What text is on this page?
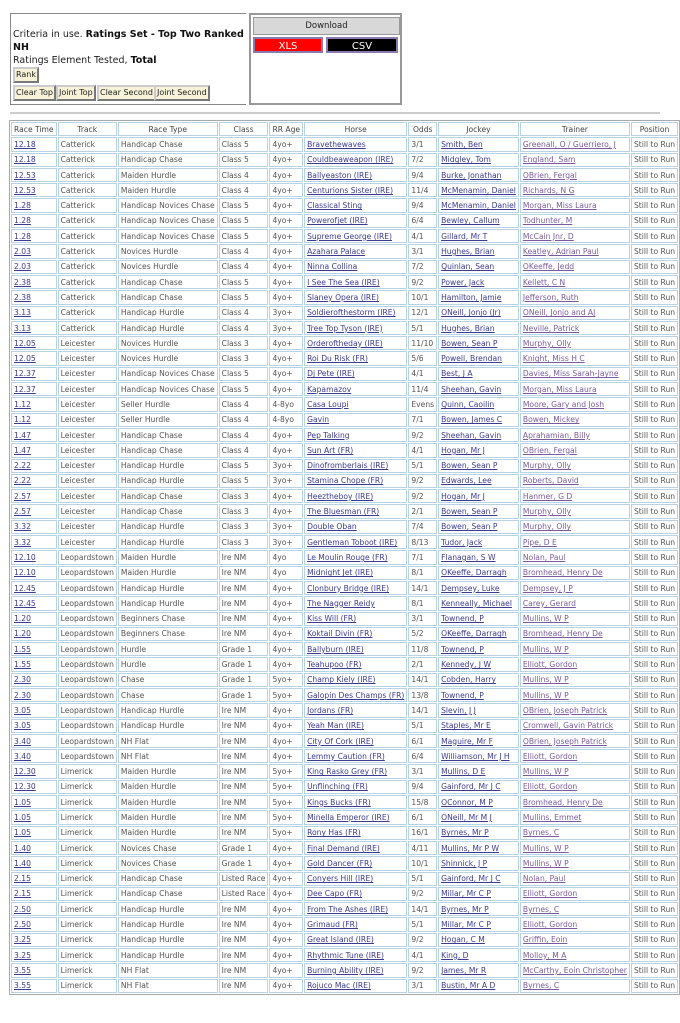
Criteria in use. Ratings Set - Top Two Ranked NH
Ratings Element Tested, Total
Rank
Clear Top Joint Top Clear Second Joint Second
Download
XLS	CSV
Race Time	Track	Race Type	Class	RR Age	Horse	Odds	Jockey	Trainer	Position
12.18	Catterick	Handicap Chase	Class 5	4yo+	Bravethewaves	3/1	Smith, Ben	Greenall, O / Guerriero, J	Still to Run
12.18	Catterick	Handicap Chase	Class 5	4yo+	Couldbeaweapon (IRE)	7/2	Midgley, Tom	England, Sam	Still to Run
12.53	Catterick	Maiden Hurdle	Class 4	4yo+	Ballyeaston (IRE)	9/4	Burke, Jonathan	OBrien, Fergal	Still to Run
12.53	Catterick	Maiden Hurdle	Class 4	4yo+	Centurions Sister (IRE)	11/4	McMenamin, Daniel	Richards, N G	Still to Run
1.28	Catterick	Handicap Novices Chase	Class 5	4yo+	Classical Sting	9/4	McMenamin, Daniel	Morgan, Miss Laura	Still to Run
1.28	Catterick	Handicap Novices Chase	Class 5	4yo+	Powerofjet (IRE)	6/4	Bewley, Callum	Todhunter, M	Still to Run
1.28	Catterick	Handicap Novices Chase	Class 5	4yo+	Supreme George (IRE)	4/1	Gillard, Mr T	McCain Jnr, D	Still to Run
2.03	Catterick	Novices Hurdle	Class 4	4yo+	Azahara Palace	3/1	Hughes, Brian	Keatley, Adrian Paul	Still to Run
2.03	Catterick	Novices Hurdle	Class 4	4yo+	Ninna Collina	7/2	Quinlan, Sean	OKeeffe, Jedd	Still to Run
2.38	Catterick	Handicap Chase	Class 5	4yo+	I See The Sea (IRE)	9/2	Power, Jack	Kellett, C N	Still to Run
2.38	Catterick	Handicap Chase	Class 5	4yo+	Slaney Opera (IRE)	10/1	Hamilton, Jamie	Jefferson, Ruth	Still to Run
3.13	Catterick	Handicap Hurdle	Class 4	3yo+	Soldierofthestorm (IRE)	12/1	ONeill, Jonjo (Jr)	ONeill, Jonjo and AJ	Still to Run
3.13	Catterick	Handicap Hurdle	Class 4	3yo+	Tree Top Tyson (IRE)	5/1	Hughes, Brian	Neville, Patrick	Still to Run
12.05	Leicester	Novices Hurdle	Class 3	4yo+	Orderoftheday (IRE)	11/10	Bowen, Sean P	Murphy, Olly	Still to Run
12.05	Leicester	Novices Hurdle	Class 3	4yo+	Roi Du Risk (FR)	5/6	Powell, Brendan	Knight, Miss H C	Still to Run
12.37	Leicester	Handicap Novices Chase	Class 5	4yo+	Dj Pete (IRE)	4/1	Best, J A	Davies, Miss Sarah-Jayne	Still to Run
12.37	Leicester	Handicap Novices Chase	Class 5	4yo+	Kapamazov	11/4	Sheehan, Gavin	Morgan, Miss Laura	Still to Run
1.12	Leicester	Seller Hurdle	Class 4	4-8yo	Casa Loupi	Evens	Quinn, Caoilin	Moore, Gary and Josh	Still to Run
1.12	Leicester	Seller Hurdle	Class 4	4-8yo	Gavin	7/1	Bowen, James C	Bowen, Mickey	Still to Run
1.47	Leicester	Handicap Chase	Class 4	4yo+	Pep Talking	9/2	Sheehan, Gavin	Aprahamian, Billy	Still to Run
1.47	Leicester	Handicap Chase	Class 4	4yo+	Sun Art (FR)	4/1	Hogan, Mr J	OBrien, Fergal	Still to Run
2.22	Leicester	Handicap Hurdle	Class 5	3yo+	Dinofromberlais (IRE)	5/1	Bowen, Sean P	Murphy, Olly	Still to Run
2.22	Leicester	Handicap Hurdle	Class 5	3yo+	Stamina Chope (FR)	9/2	Edwards, Lee	Roberts, David	Still to Run
2.57	Leicester	Handicap Chase	Class 3	4yo+	Heeztheboy (IRE)	9/2	Hogan, Mr J	Hanmer, G D	Still to Run
2.57	Leicester	Handicap Chase	Class 3	4yo+	The Bluesman (FR)	2/1	Bowen, Sean P	Murphy, Olly	Still to Run
3.32	Leicester	Handicap Hurdle	Class 3	3yo+	Double Oban	7/4	Bowen, Sean P	Murphy, Olly	Still to Run
3.32	Leicester	Handicap Hurdle	Class 3	3yo+	Gentleman Toboot (IRE)	8/13	Tudor, Jack	Pipe, D E	Still to Run
12.10	Leopardstown	Maiden Hurdle	Ire NM	4yo	Le Moulin Rouge (FR)	7/1	Flanagan, S W	Nolan, Paul	Still to Run
12.10	Leopardstown	Maiden Hurdle	Ire NM	4yo	Midnight Jet (IRE)	8/1	OKeeffe, Darragh	Bromhead, Henry De	Still to Run
12.45	Leopardstown	Handicap Hurdle	Ire NM	4yo+	Clonbury Bridge (IRE)	14/1	Dempsey, Luke	Dempsey, J P	Still to Run
12.45	Leopardstown	Handicap Hurdle	Ire NM	4yo+	The Nagger Reidy	8/1	Kenneally, Michael	Carey, Gerard	Still to Run
1.20	Leopardstown	Beginners Chase	Ire NM	4yo+	Kiss Will (FR)	3/1	Townend, P	Mullins, W P	Still to Run
1.20	Leopardstown	Beginners Chase	Ire NM	4yo+	Koktail Divin (FR)	5/2	OKeeffe, Darragh	Bromhead, Henry De	Still to Run
1.55	Leopardstown	Hurdle	Grade 1	4yo+	Ballyburn (IRE)	11/8	Townend, P	Mullins, W P	Still to Run
1.55	Leopardstown	Hurdle	Grade 1	4yo+	Teahupoo (FR)	2/1	Kennedy, J W	Elliott, Gordon	Still to Run
2.30	Leopardstown	Chase	Grade 1	5yo+	Champ Kiely (IRE)	14/1	Cobden, Harry	Mullins, W P	Still to Run
2.30	Leopardstown	Chase	Grade 1	5yo+	Galopin Des Champs (FR)	13/8	Townend, P	Mullins, W P	Still to Run
3.05	Leopardstown	Handicap Hurdle	Ire NM	4yo+	Jordans (FR)	14/1	Slevin, J J	OBrien, Joseph Patrick	Still to Run
3.05	Leopardstown	Handicap Hurdle	Ire NM	4yo+	Yeah Man (IRE)	5/1	Staples, Mr E	Cromwell, Gavin Patrick	Still to Run
3.40	Leopardstown	NH Flat	Ire NM	4yo+	City Of Cork (IRE)	6/1	Maguire, Mr F	OBrien, Joseph Patrick	Still to Run
3.40	Leopardstown	NH Flat	Ire NM	4yo+	Lemmy Caution (FR)	6/4	Williamson, Mr J H	Elliott, Gordon	Still to Run
12.30	Limerick	Maiden Hurdle	Ire NM	5yo+	King Rasko Grey (FR)	3/1	Mullins, D E	Mullins, W P	Still to Run
12.30	Limerick	Maiden Hurdle	Ire NM	5yo+	Unflinching (FR)	9/4	Gainford, Mr J C	Elliott, Gordon	Still to Run
1.05	Limerick	Maiden Hurdle	Ire NM	5yo+	Kings Bucks (FR)	15/8	OConnor, M P	Bromhead, Henry De	Still to Run
1.05	Limerick	Maiden Hurdle	Ire NM	5yo+	Minella Emperor (IRE)	6/1	ONeill, Mr M J	Mullins, Emmet	Still to Run
1.05	Limerick	Maiden Hurdle	Ire NM	5yo+	Rony Has (FR)	16/1	Byrnes, Mr P	Byrnes, C	Still to Run
1.40	Limerick	Novices Chase	Grade 1	4yo+	Final Demand (IRE)	4/11	Mullins, Mr P W	Mullins, W P	Still to Run
1.40	Limerick	Novices Chase	Grade 1	4yo+	Gold Dancer (FR)	10/1	Shinnick, J P	Mullins, W P	Still to Run
2.15	Limerick	Handicap Chase	Listed Race	4yo+	Conyers Hill (IRE)	5/1	Gainford, Mr J C	Nolan, Paul	Still to Run
2.15	Limerick	Handicap Chase	Listed Race	4yo+	Dee Capo (FR)	9/2	Millar, Mr C P	Elliott, Gordon	Still to Run
2.50	Limerick	Handicap Hurdle	Ire NM	4yo+	From The Ashes (IRE)	14/1	Byrnes, Mr P	Byrnes, C	Still to Run
2.50	Limerick	Handicap Hurdle	Ire NM	4yo+	Grimaud (FR)	5/1	Millar, Mr C P	Elliott, Gordon	Still to Run
3.25	Limerick	Handicap Hurdle	Ire NM	4yo+	Great Island (IRE)	9/2	Hogan, C M	Griffin, Eoin	Still to Run
3.25	Limerick	Handicap Hurdle	Ire NM	4yo+	Rhythmic Tune (IRE)	4/1	King, D	Molloy, M A	Still to Run
3.55	Limerick	NH Flat	Ire NM	4yo+	Burning Ability (IRE)	9/2	James, Mr R	McCarthy, Eoin Christopher	Still to Run
3.55	Limerick	NH Flat	Ire NM	4yo+	Rojuco Mac (IRE)	3/1	Bustin, Mr A D	Byrnes, C	Still to Run
